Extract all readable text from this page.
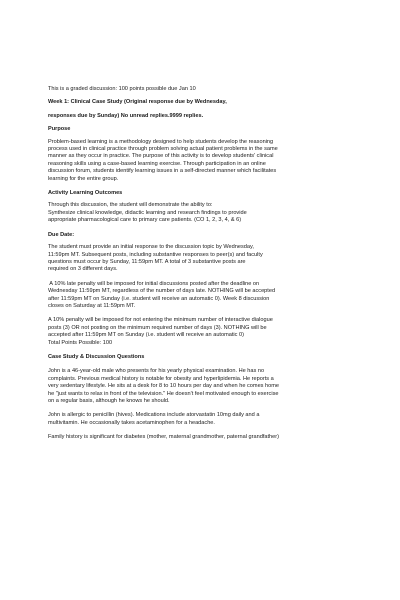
This is a graded discussion: 100 points possible due Jan 10

Week 1: Clinical Case Study (Original response due by Wednesday,

responses due by Sunday) No unread replies.9999 replies.

Purpose

Problem-based learning is a methodology designed to help students develop the reasoning
process used in clinical practice through problem solving actual patient problems in the same
manner as they occur in practice. The purpose of this activity is to develop students' clinical
reasoning skills using a case-based learning exercise. Through participation in an online
discussion forum, students identify learning issues in a self-directed manner which facilitates
learning for the entire group.

Activity Learning Outcomes

Through this discussion, the student will demonstrate the ability to:
Synthesize clinical knowledge, didactic learning and research findings to provide
appropriate pharmacological care to primary care patients. (CO 1, 2, 3, 4, & 6)

Due Date:

The student must provide an initial response to the discussion topic by Wednesday,
11:59pm MT. Subsequent posts, including substantive responses to peer(s) and faculty
questions must occur by Sunday, 11:59pm MT. A total of 3 substantive posts are
required on 3 different days.
A 10% late penalty will be imposed for initial discussions posted after the deadline on
Wednesday 11:59pm MT, regardless of the number of days late. NOTHING will be accepted
after 11:59pm MT on Sunday (i.e. student will receive an automatic 0). Week 8 discussion
closes on Saturday at 11:59pm MT.
A 10% penalty will be imposed for not entering the minimum number of interactive dialogue
posts (3) OR not posting on the minimum required number of days (3). NOTHING will be
accepted after 11:59pm MT on Sunday (i.e. student will receive an automatic 0)
Total Points Possible: 100

Case Study & Discussion Questions

John is a 46-year-old male who presents for his yearly physical examination. He has no
complaints. Previous medical history is notable for obesity and hyperlipidemia. He reports a
very sedentary lifestyle. He sits at a desk for 8 to 10 hours per day and when he comes home
he "just wants to relax in front of the television." He doesn't feel motivated enough to exercise
on a regular basis, although he knows he should.
John is allergic to penicillin (hives). Medications include atorvastatin 10mg daily and a
multivitamin. He occasionally takes acetaminophen for a headache.
Family history is significant for diabetes (mother, maternal grandmother, paternal grandfather)
